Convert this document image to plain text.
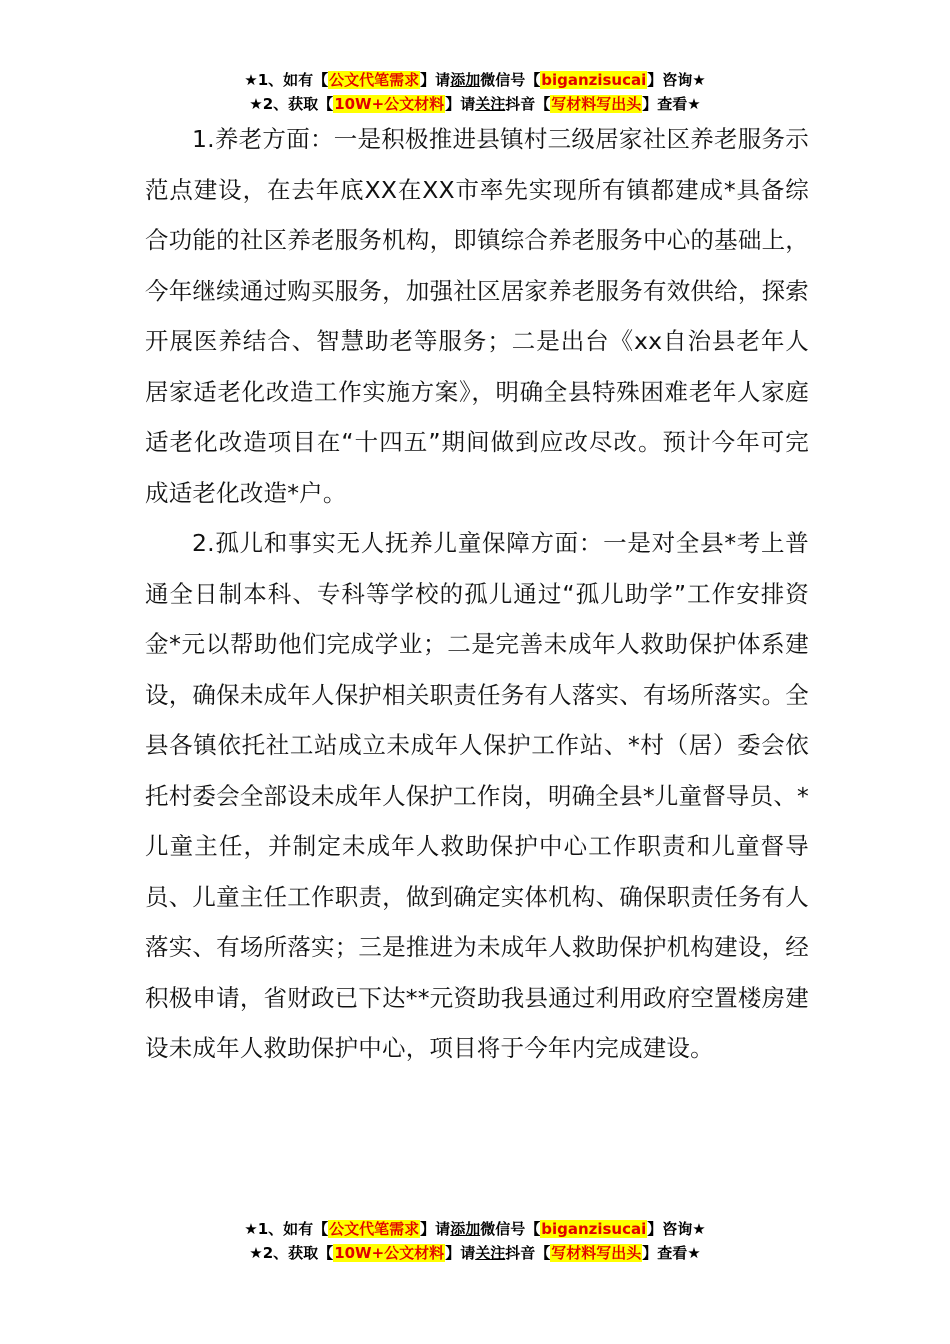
★1、如有【公文代笔需求】请添加微信号【biganzisucai】咨询★
★2、获取【10W+公文材料】请关注抖音【写材料写出头】查看★

1.养老方面：一是积极推进县镇村三级居家社区养老服务示范点建设，在去年底XX在XX市率先实现所有镇都建成*具备综合功能的社区养老服务机构，即镇综合养老服务中心的基础上，今年继续通过购买服务，加强社区居家养老服务有效供给，探索开展医养结合、智慧助老等服务；二是出台《xx自治县老年人居家适老化改造工作实施方案》，明确全县特殊困难老年人家庭适老化改造项目在“十四五”期间做到应改尽改。预计今年可完成适老化改造*户。

2.孤儿和事实无人抚养儿童保障方面：一是对全县*考上普通全日制本科、专科等学校的孤儿通过“孤儿助学”工作安排资金*元以帮助他们完成学业；二是完善未成年人救助保护体系建设，确保未成年人保护相关职责任务有人落实、有场所落实。全县各镇依托社工站成立未成年人保护工作站、*村（居）委会依托村委会全部设未成年人保护工作岗，明确全县*儿童督导员、*儿童主任，并制定未成年人救助保护中心工作职责和儿童督导员、儿童主任工作职责，做到确定实体机构、确保职责任务有人落实、有场所落实；三是推进为未成年人救助保护机构建设，经积极申请，省财政已下达**元资助我县通过利用政府空置楼房建设未成年人救助保护中心，项目将于今年内完成建设。

★1、如有【公文代笔需求】请添加微信号【biganzisucai】咨询★
★2、获取【10W+公文材料】请关注抖音【写材料写出头】查看★
